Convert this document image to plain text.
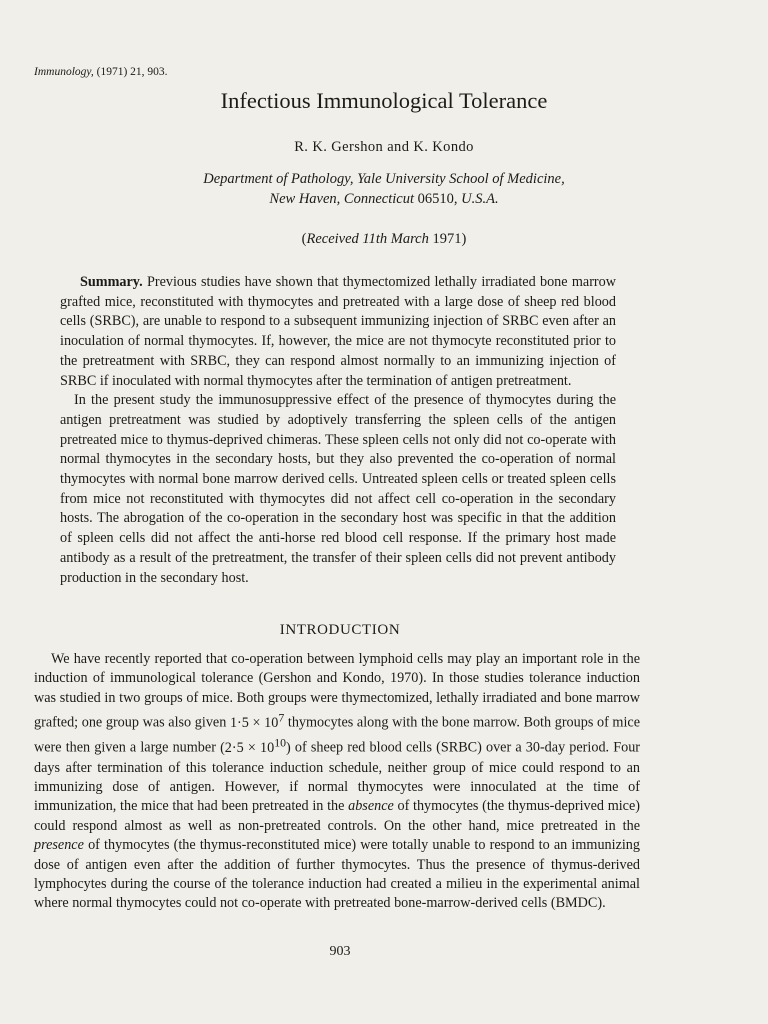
Immunology, (1971) 21, 903.
Infectious Immunological Tolerance
R. K. Gershon and K. Kondo
Department of Pathology, Yale University School of Medicine,
New Haven, Connecticut 06510, U.S.A.
(Received 11th March 1971)

Summary. Previous studies have shown that thymectomized lethally irradiated bone marrow grafted mice, reconstituted with thymocytes and pretreated with a large dose of sheep red blood cells (SRBC), are unable to respond to a subsequent immunizing injection of SRBC even after an inoculation of normal thymocytes. If, however, the mice are not thymocyte reconstituted prior to the pretreatment with SRBC, they can respond almost normally to an immunizing injection of SRBC if inoculated with normal thymocytes after the termination of antigen pretreatment.

In the present study the immunosuppressive effect of the presence of thymocytes during the antigen pretreatment was studied by adoptively transferring the spleen cells of the antigen pretreated mice to thymus-deprived chimeras. These spleen cells not only did not co-operate with normal thymocytes in the secondary hosts, but they also prevented the co-operation of normal thymocytes with normal bone marrow derived cells. Untreated spleen cells or treated spleen cells from mice not reconstituted with thymocytes did not affect cell co-operation in the secondary hosts. The abrogation of the co-operation in the secondary host was specific in that the addition of spleen cells did not affect the anti-horse red blood cell response. If the primary host made antibody as a result of the pretreatment, the transfer of their spleen cells did not prevent antibody production in the secondary host.

INTRODUCTION

We have recently reported that co-operation between lymphoid cells may play an important role in the induction of immunological tolerance (Gershon and Kondo, 1970). In those studies tolerance induction was studied in two groups of mice. Both groups were thymectomized, lethally irradiated and bone marrow grafted; one group was also given $1\cdot 5 \times 10^7$ thymocytes along with the bone marrow. Both groups of mice were then given a large number $(2\cdot 5 \times 10^{10})$ of sheep red blood cells (SRBC) over a 30-day period. Four days after termination of this tolerance induction schedule, neither group of mice could respond to an immunizing dose of antigen. However, if normal thymocytes were innoculated at the time of immunization, the mice that had been pretreated in the absence of thymocytes (the thymus-deprived mice) could respond almost as well as non-pretreated controls. On the other hand, mice pretreated in the presence of thymocytes (the thymus-reconstituted mice) were totally unable to respond to an immunizing dose of antigen even after the addition of further thymocytes. Thus the presence of thymus-derived lymphocytes during the course of the tolerance induction had created a milieu in the experimental animal where normal thymocytes could not co-operate with pretreated bone-marrow-derived cells (BMDC).

903
